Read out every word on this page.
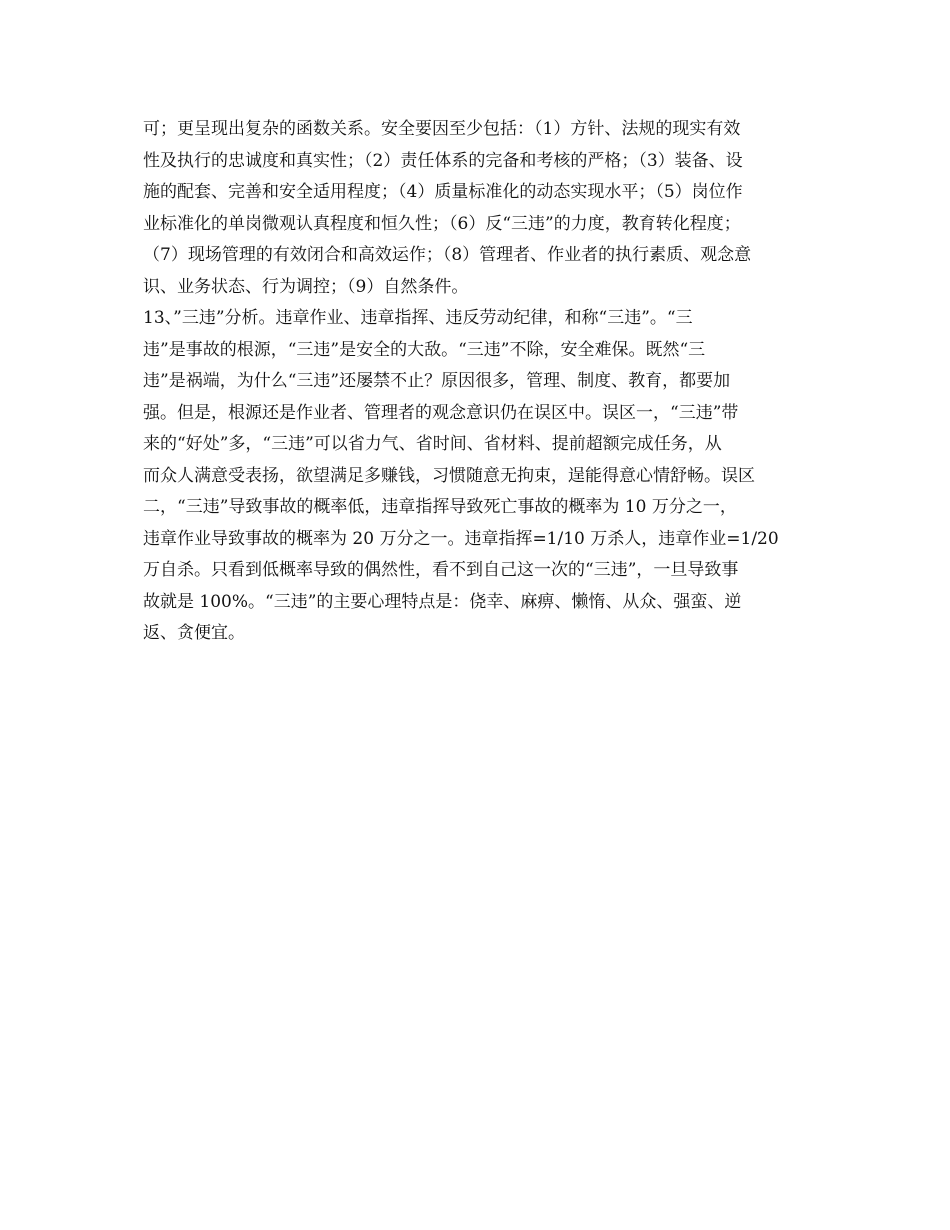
可；更呈现出复杂的函数关系。安全要因至少包括：（1）方针、法规的现实有效
性及执行的忠诚度和真实性；（2）责任体系的完备和考核的严格；（3）装备、设
施的配套、完善和安全适用程度；（4）质量标准化的动态实现水平；（5）岗位作
业标准化的单岗微观认真程度和恒久性；（6）反“三违”的力度，教育转化程度；
（7）现场管理的有效闭合和高效运作；（8）管理者、作业者的执行素质、观念意
识、业务状态、行为调控；（9）自然条件。
13、”三违”分析。违章作业、违章指挥、违反劳动纪律，和称“三违”。“三
违”是事故的根源，“三违”是安全的大敌。“三违”不除，安全难保。既然“三
违”是祸端，为什么“三违”还屡禁不止？原因很多，管理、制度、教育，都要加
强。但是，根源还是作业者、管理者的观念意识仍在误区中。误区一，“三违”带
来的“好处”多，“三违”可以省力气、省时间、省材料、提前超额完成任务，从
而众人满意受表扬，欲望满足多赚钱，习惯随意无拘束，逞能得意心情舒畅。误区
二，“三违”导致事故的概率低，违章指挥导致死亡事故的概率为 10 万分之一，
违章作业导致事故的概率为 20 万分之一。违章指挥=1/10 万杀人，违章作业=1/20
万自杀。只看到低概率导致的偶然性，看不到自己这一次的“三违”，一旦导致事
故就是 100%。“三违”的主要心理特点是：侥幸、麻痹、懒惰、从众、强蛮、逆
返、贪便宜。
